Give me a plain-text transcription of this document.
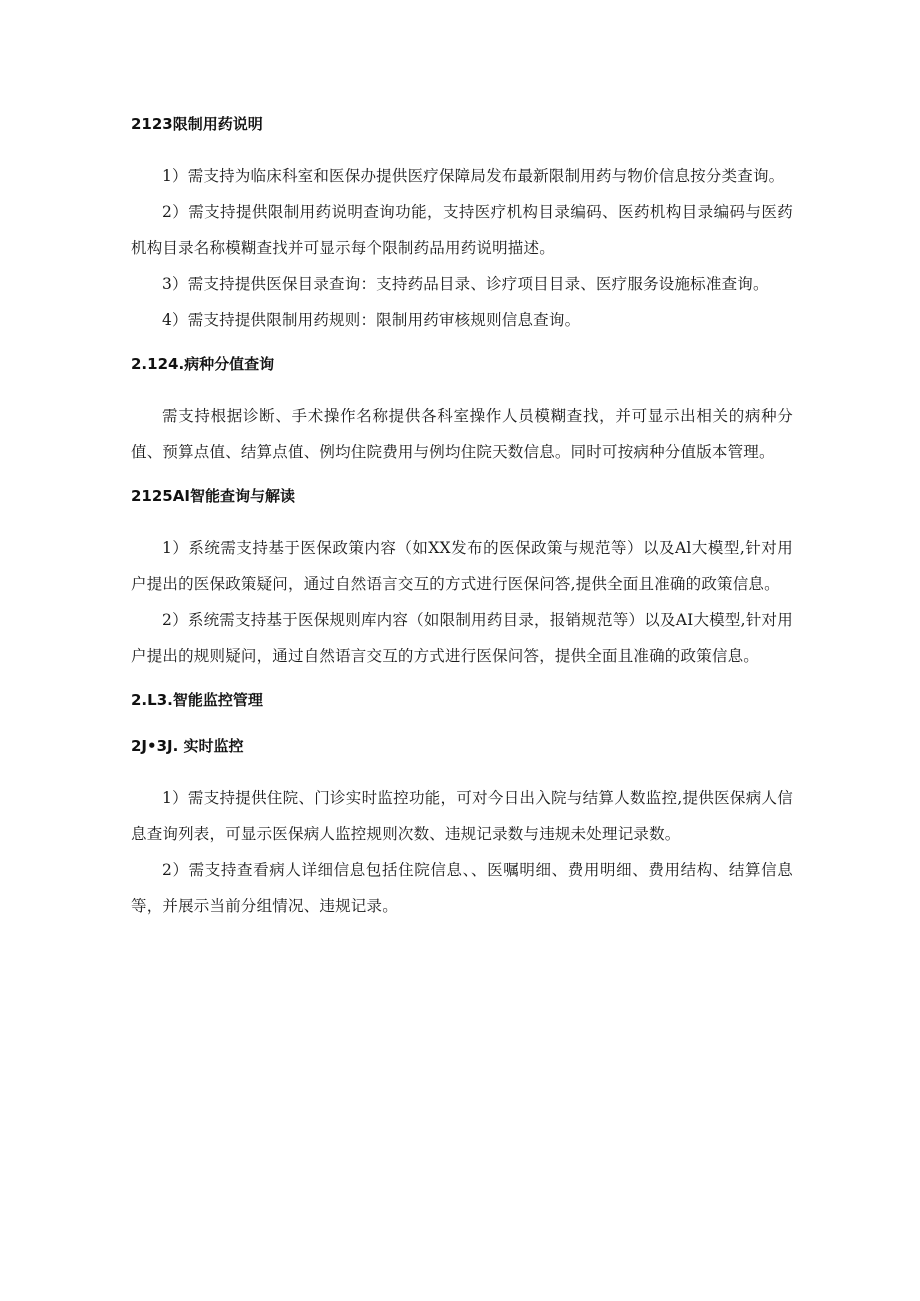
2123限制用药说明

1）需支持为临床科室和医保办提供医疗保障局发布最新限制用药与物价信息按分类查询。

2）需支持提供限制用药说明查询功能，支持医疗机构目录编码、医药机构目录编码与医药机构目录名称模糊查找并可显示每个限制药品用药说明描述。

3）需支持提供医保目录查询：支持药品目录、诊疗项目目录、医疗服务设施标准查询。

4）需支持提供限制用药规则：限制用药审核规则信息查询。

2.124.病种分值查询

需支持根据诊断、手术操作名称提供各科室操作人员模糊查找，并可显示出相关的病种分值、预算点值、结算点值、例均住院费用与例均住院天数信息。同时可按病种分值版本管理。

2125AI智能查询与解读

1）系统需支持基于医保政策内容（如XX发布的医保政策与规范等）以及Al大模型,针对用户提出的医保政策疑问，通过自然语言交互的方式进行医保问答,提供全面且准确的政策信息。

2）系统需支持基于医保规则库内容（如限制用药目录，报销规范等）以及AI大模型,针对用户提出的规则疑问，通过自然语言交互的方式进行医保问答，提供全面且准确的政策信息。

2.L3.智能监控管理
2J•3J. 实时监控

1）需支持提供住院、门诊实时监控功能，可对今日出入院与结算人数监控,提供医保病人信息查询列表，可显示医保病人监控规则次数、违规记录数与违规未处理记录数。

2）需支持查看病人详细信息包括住院信息、、医嘱明细、费用明细、费用结构、结算信息等，并展示当前分组情况、违规记录。
